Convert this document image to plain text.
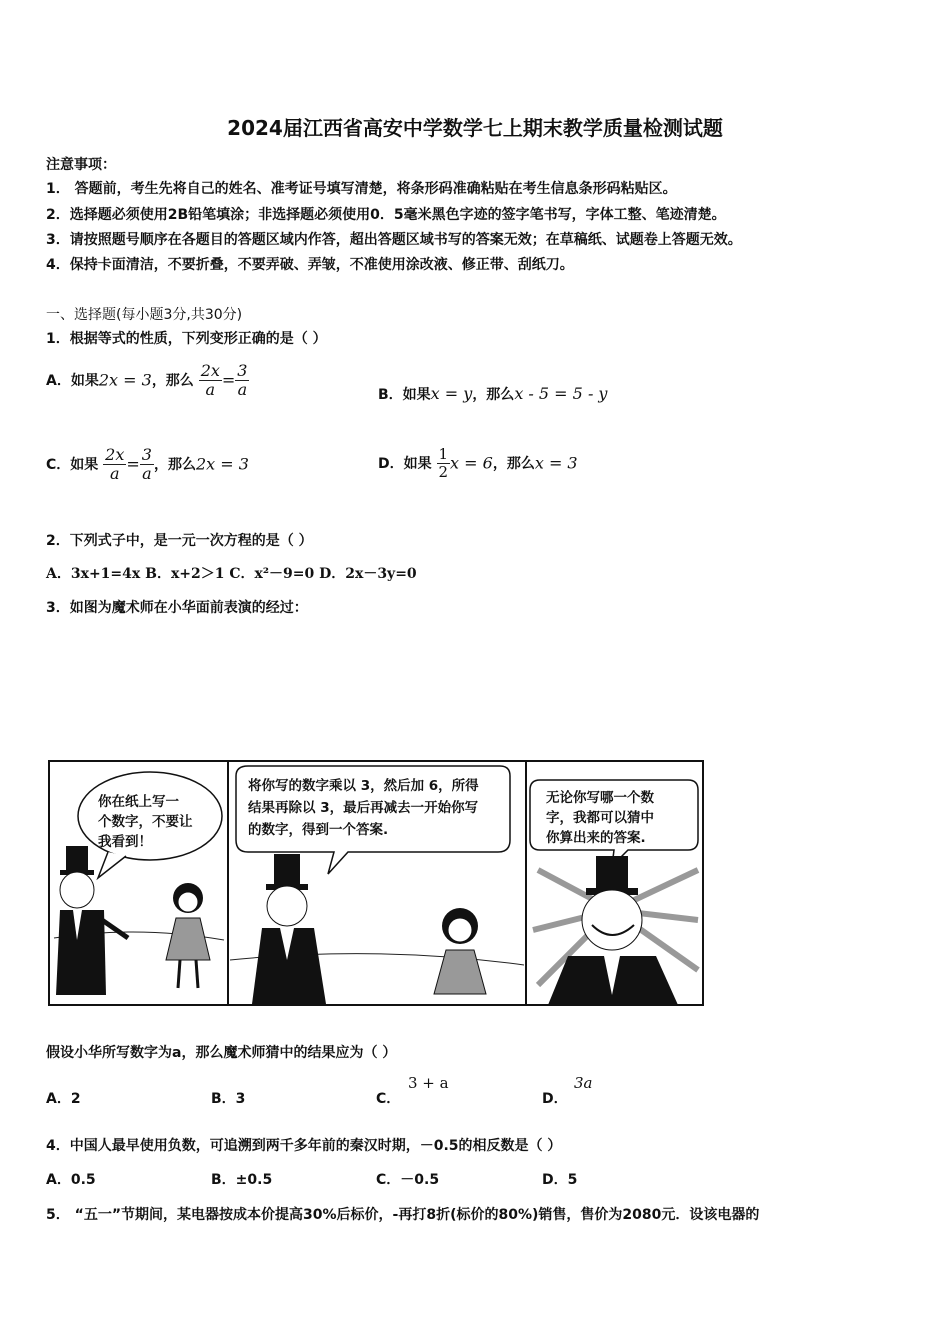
2024届江西省高安中学数学七上期末教学质量检测试题
注意事项：
1． 答题前，考生先将自己的姓名、准考证号填写清楚，将条形码准确粘贴在考生信息条形码粘贴区。
2．选择题必须使用2B铅笔填涂；非选择题必须使用0．5毫米黑色字迹的签字笔书写，字体工整、笔迹清楚。
3．请按照题号顺序在各题目的答题区域内作答，超出答题区域书写的答案无效；在草稿纸、试题卷上答题无效。
4．保持卡面清洁，不要折叠，不要弄破、弄皱，不准使用涂改液、修正带、刮纸刀。
一、选择题(每小题3分,共30分)
1．根据等式的性质，下列变形正确的是（ ）
A．如果2x = 3，那么 $\frac{2x}{a} = \frac{3}{a}$	B．如果x = y，那么x - 5 = 5 - y
C．如果 $\frac{2x}{a} = \frac{3}{a}$ ，那么2x = 3	D．如果 $\frac{1}{2}$ x = 6，那么x = 3
2．下列式子中，是一元一次方程的是（ ）
A．3x+1=4x B．x+2＞1 C．x²－9=0 D．2x－3y=0
3．如图为魔术师在小华面前表演的经过：
你在纸上写一
个数字，不要让
我看到！
将你写的数字乘以 3，然后加 6，所得
结果再除以 3，最后再减去一开始你写
的数字，得到一个答案.
无论你写哪一个数
字，我都可以猜中
你算出来的答案.
假设小华所写数字为a，那么魔术师猜中的结果应为（ ）
A．2	B．3	C．
3 + a
D．
3a
4．中国人最早使用负数，可追溯到两千多年前的秦汉时期，－0.5的相反数是（ ）
A．0.5	B．±0.5	C．－0.5	D．5
5． “五一”节期间，某电器按成本价提高30%后标价，-再打8折(标价的80%)销售，售价为2080元．设该电器的
